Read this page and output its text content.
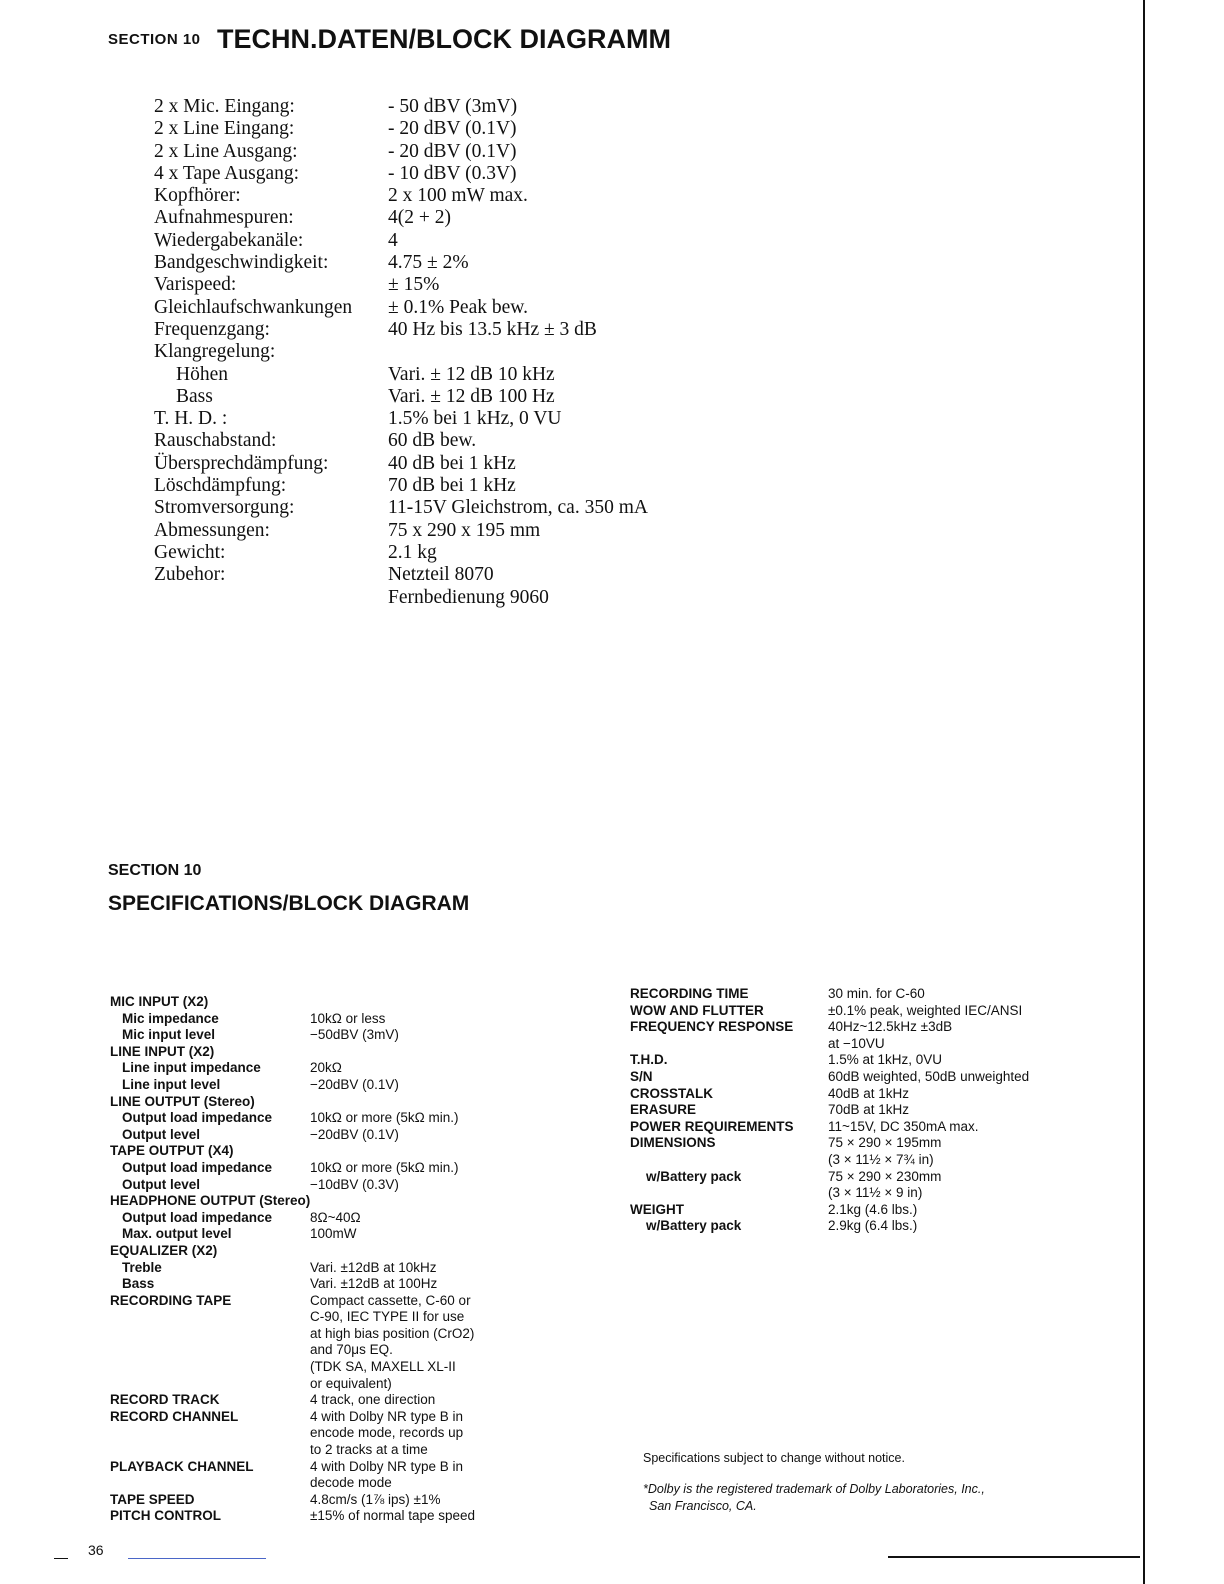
SECTION 10 TECHN.DATEN/BLOCK DIAGRAMM
2 x Mic. Eingang:	- 50 dBV (3mV)
2 x Line Eingang:	- 20 dBV (0.1V)
2 x Line Ausgang:	- 20 dBV (0.1V)
4 x Tape Ausgang:	- 10 dBV (0.3V)
Kopfhörer:	2 x 100 mW max.
Aufnahmespuren:	4(2 + 2)
Wiedergabekanäle:	4
Bandgeschwindigkeit:	4.75 ± 2%
Varispeed:	± 15%
Gleichlaufschwankungen ± 0.1% Peak bew.
Frequenzgang:	40 Hz bis 13.5 kHz ± 3 dB
Klangregelung:
Höhen	Vari. ± 12 dB 10 kHz
Bass	Vari. ± 12 dB 100 Hz
T. H. D. :	1.5% bei 1 kHz, 0 VU
Rauschabstand:	60 dB bew.
Übersprechdämpfung:	40 dB bei 1 kHz
Löschdämpfung:	70 dB bei 1 kHz
Stromversorgung:	11-15V Gleichstrom, ca. 350 mA
Abmessungen:	75 x 290 x 195 mm
Gewicht:	2.1 kg
Zubehor:	Netzteil 8070
Fernbedienung 9060
SECTION 10
SPECIFICATIONS/BLOCK DIAGRAM
MIC INPUT (X2)
Mic impedance	10kΩ or less
Mic input level	−50dBV (3mV)
LINE INPUT (X2)
Line input impedance	20kΩ
Line input level	−20dBV (0.1V)
LINE OUTPUT (Stereo)
Output load impedance	10kΩ or more (5kΩ min.)
Output level	−20dBV (0.1V)
TAPE OUTPUT (X4)
Output load impedance	10kΩ or more (5kΩ min.)
Output level	−10dBV (0.3V)
HEADPHONE OUTPUT (Stereo)
Output load impedance	8Ω~40Ω
Max. output level	100mW
EQUALIZER (X2)
Treble	Vari. ±12dB at 10kHz
Bass	Vari. ±12dB at 100Hz
RECORDING TAPE	Compact cassette, C-60 or
C-90, IEC TYPE II for use
at high bias position (CrO2)
and 70μs EQ.
(TDK SA, MAXELL XL-II
or equivalent)
RECORD TRACK	4 track, one direction
RECORD CHANNEL	4 with Dolby NR type B in
encode mode, records up
to 2 tracks at a time
PLAYBACK CHANNEL	4 with Dolby NR type B in
decode mode
TAPE SPEED	4.8cm/s (1⅞ ips) ±1%
PITCH CONTROL	±15% of normal tape speed
RECORDING TIME	30 min. for C-60
WOW AND FLUTTER	±0.1% peak, weighted IEC/ANSI
FREQUENCY RESPONSE	40Hz~12.5kHz ±3dB
at −10VU
T.H.D.	1.5% at 1kHz, 0VU
S/N	60dB weighted, 50dB unweighted
CROSSTALK	40dB at 1kHz
ERASURE	70dB at 1kHz
POWER REQUIREMENTS	11~15V, DC 350mA max.
DIMENSIONS	75 × 290 × 195mm
(3 × 11½ × 7¾ in)
w/Battery pack	75 × 290 × 230mm
(3 × 11½ × 9 in)
WEIGHT	2.1kg (4.6 lbs.)
w/Battery pack	2.9kg (6.4 lbs.)
Specifications subject to change without notice.
*Dolby is the registered trademark of Dolby Laboratories, Inc.,
San Francisco, CA.
36
